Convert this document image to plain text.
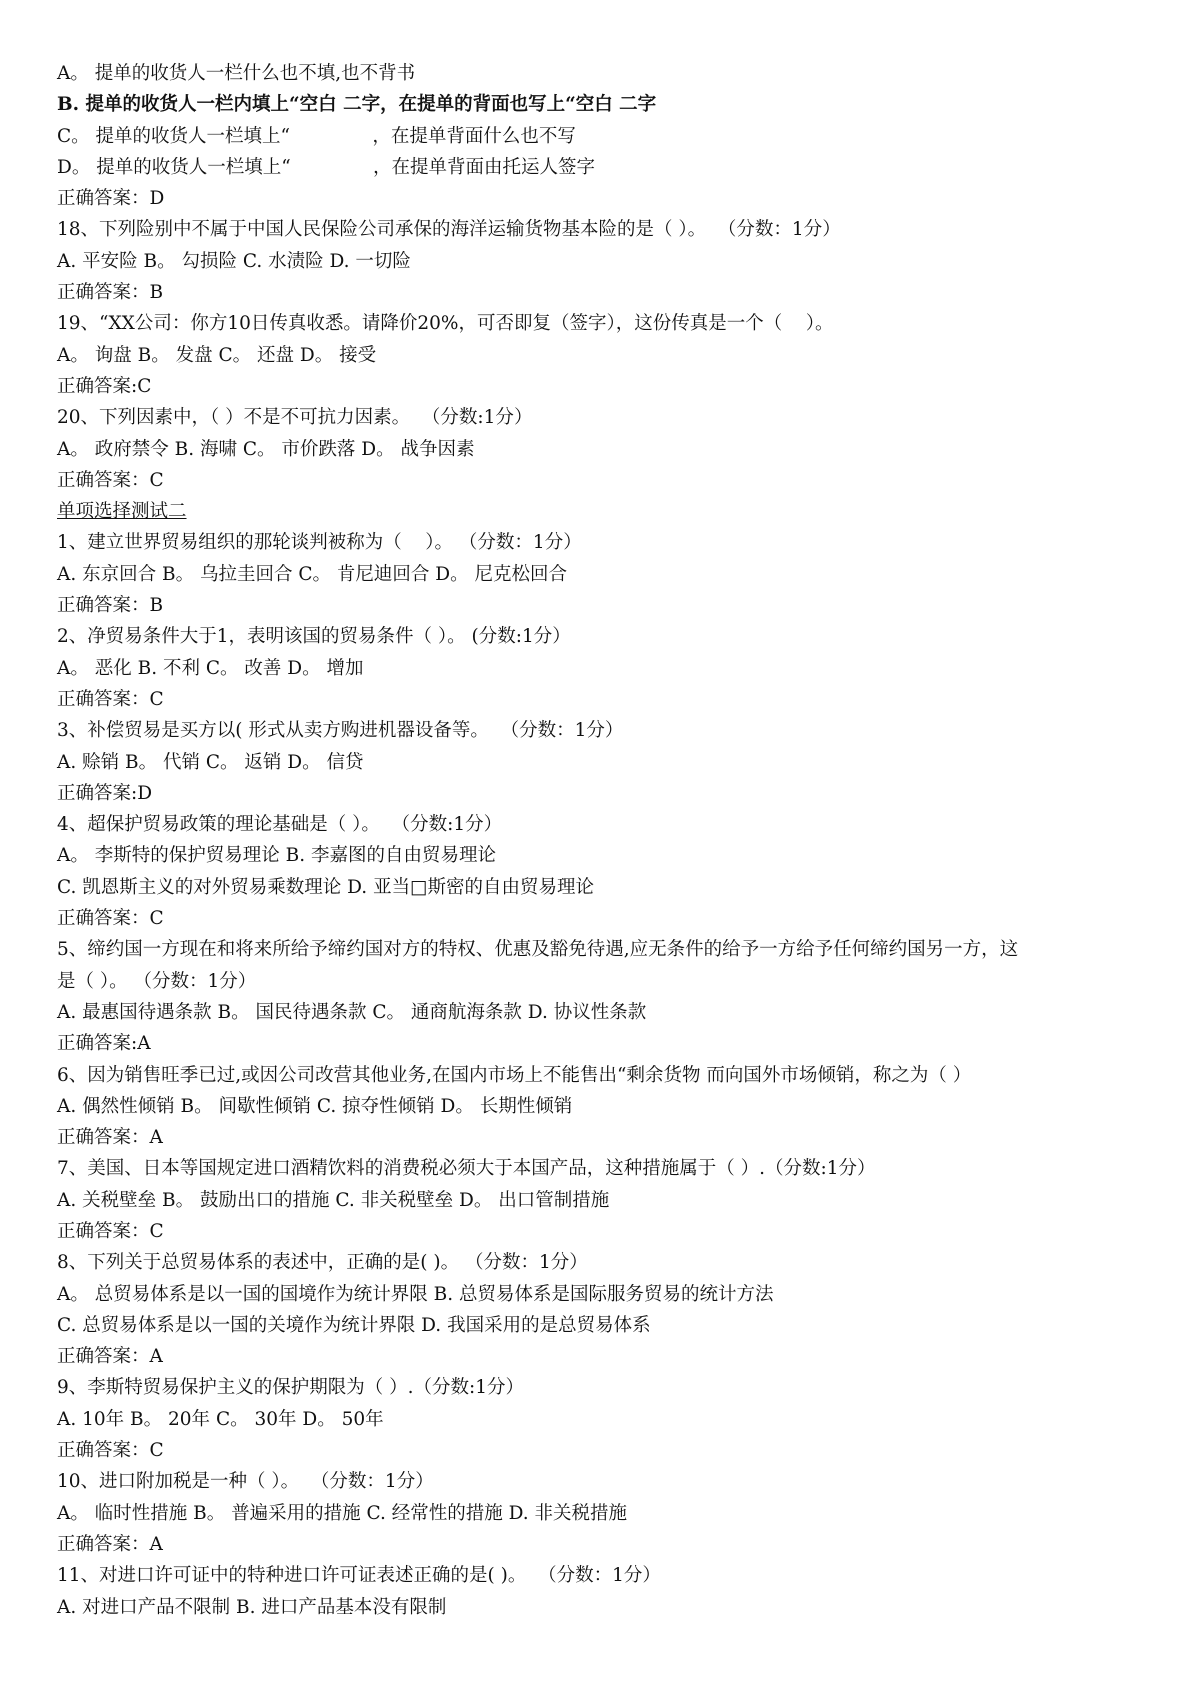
A。 提单的收货人一栏什么也不填,也不背书
B. 提单的收货人一栏内填上“空白 二字，在提单的背面也写上“空白 二字
C。 提单的收货人一栏填上“              ，在提单背面什么也不写
D。 提单的收货人一栏填上“              ，在提单背面由托运人签字
正确答案：D
18、下列险别中不属于中国人民保险公司承保的海洋运输货物基本险的是（ ）。  （分数：1分）
A. 平安险 B。 勾损险 C. 水渍险 D. 一切险
正确答案：B
19、“XX公司：你方10日传真收悉。请降价20%，可否即复（签字），这份传真是一个（    ）。
A。 询盘 B。 发盘 C。 还盘 D。 接受
正确答案:C
20、下列因素中，（ ）不是不可抗力因素。  （分数:1分）
A。 政府禁令 B. 海啸 C。 市价跌落 D。 战争因素
正确答案：C
单项选择测试二
1、建立世界贸易组织的那轮谈判被称为（    ）。 （分数：1分）
A. 东京回合 B。 乌拉圭回合 C。 肯尼迪回合 D。 尼克松回合
正确答案：B
2、净贸易条件大于1，表明该国的贸易条件（ ）。 (分数:1分）
A。 恶化 B. 不利 C。 改善 D。 增加
正确答案：C
3、补偿贸易是买方以( 形式从卖方购进机器设备等。  （分数：1分）
A. 赊销 B。 代销 C。 返销 D。 信贷
正确答案:D
4、超保护贸易政策的理论基础是（ ）。  （分数:1分）
A。 李斯特的保护贸易理论 B. 李嘉图的自由贸易理论
C. 凯恩斯主义的对外贸易乘数理论 D. 亚当□斯密的自由贸易理论
正确答案：C
5、缔约国一方现在和将来所给予缔约国对方的特权、优惠及豁免待遇,应无条件的给予一方给予任何缔约国另一方，这
是（ ）。 （分数：1分）
A. 最惠国待遇条款 B。 国民待遇条款 C。 通商航海条款 D. 协议性条款
正确答案:A
6、因为销售旺季已过,或因公司改营其他业务,在国内市场上不能售出“剩余货物 而向国外市场倾销，称之为（ ）
A. 偶然性倾销 B。 间歇性倾销 C. 掠夺性倾销 D。 长期性倾销
正确答案：A
7、美国、日本等国规定进口酒精饮料的消费税必须大于本国产品，这种措施属于（ ）.（分数:1分）
A. 关税壁垒 B。 鼓励出口的措施 C. 非关税壁垒 D。 出口管制措施
正确答案：C
8、下列关于总贸易体系的表述中，正确的是( )。 （分数：1分）
A。 总贸易体系是以一国的国境作为统计界限 B. 总贸易体系是国际服务贸易的统计方法
C. 总贸易体系是以一国的关境作为统计界限 D. 我国采用的是总贸易体系
正确答案：A
9、李斯特贸易保护主义的保护期限为（ ）.（分数:1分）
A. 10年 B。 20年 C。 30年 D。 50年
正确答案：C
10、进口附加税是一种（ ）。  （分数：1分）
A。 临时性措施 B。 普遍采用的措施 C. 经常性的措施 D. 非关税措施
正确答案：A
11、对进口许可证中的特种进口许可证表述正确的是( )。  （分数：1分）
A. 对进口产品不限制 B. 进口产品基本没有限制
